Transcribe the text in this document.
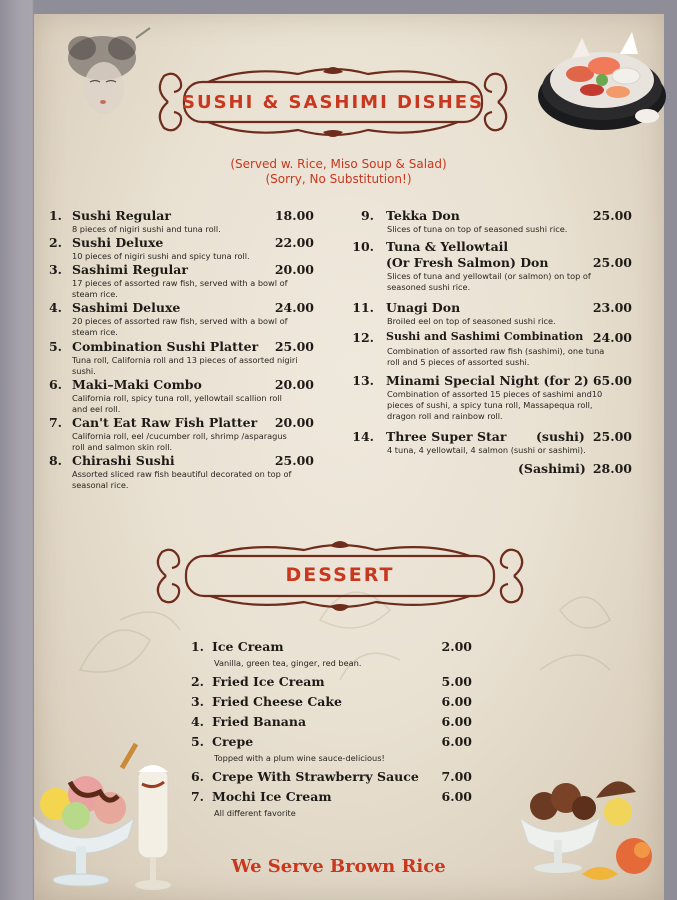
SUSHI & SASHIMI DISHES
(Served w. Rice, Miso Soup & Salad)
(Sorry, No Substitution!)
1. Sushi Regular	18.00
8 pieces of nigiri sushi and tuna roll.
2. Sushi Deluxe	22.00
10 pieces of nigiri sushi and spicy tuna roll.
3. Sashimi Regular	20.00
17 pieces of assorted raw fish, served with a bowl of
steam rice.
4. Sashimi Deluxe	24.00
20 pieces of assorted raw fish, served with a bowl of
steam rice.
5. Combination Sushi Platter 25.00
Tuna roll, California roll and 13 pieces of assorted nigiri
sushi.
6. Maki–Maki Combo	20.00
California roll, spicy tuna roll, yellowtail scallion roll
and eel roll.
7. Can't Eat Raw Fish Platter 20.00
California roll, eel /cucumber roll, shrimp /asparagus
roll and salmon skin roll.
8. Chirashi Sushi	25.00
Assorted sliced raw fish beautiful decorated on top of
seasonal rice.
9. Tekka Don	25.00
Slices of tuna on top of seasoned sushi rice.
10. Tuna & Yellowtail
(Or Fresh Salmon) Don	25.00
Slices of tuna and yellowtail (or salmon) on top of
seasoned sushi rice.
11. Unagi Don	23.00
Broiled eel on top of seasoned sushi rice.
12. Sushi and Sashimi Combination 24.00
Combination of assorted raw fish (sashimi), one tuna
roll and 5 pieces of assorted sushi.
13. Minami Special Night (for 2) 65.00
Combination of assorted 15 pieces of sashimi and10
pieces of sushi, a spicy tuna roll, Massapequa roll,
dragon roll and rainbow roll.
14. Three Super Star (sushi) 25.00
4 tuna, 4 yellowtail, 4 salmon (sushi or sashimi).
(Sashimi) 28.00
DESSERT
1. Ice Cream	2.00
Vanilla, green tea, ginger, red bean.
2. Fried Ice Cream	5.00
3. Fried Cheese Cake	6.00
4. Fried Banana	6.00
5. Crepe	6.00
Topped with a plum wine sauce-delicious!
6. Crepe With Strawberry Sauce 7.00
7. Mochi Ice Cream	6.00
All different favorite
We Serve Brown Rice
